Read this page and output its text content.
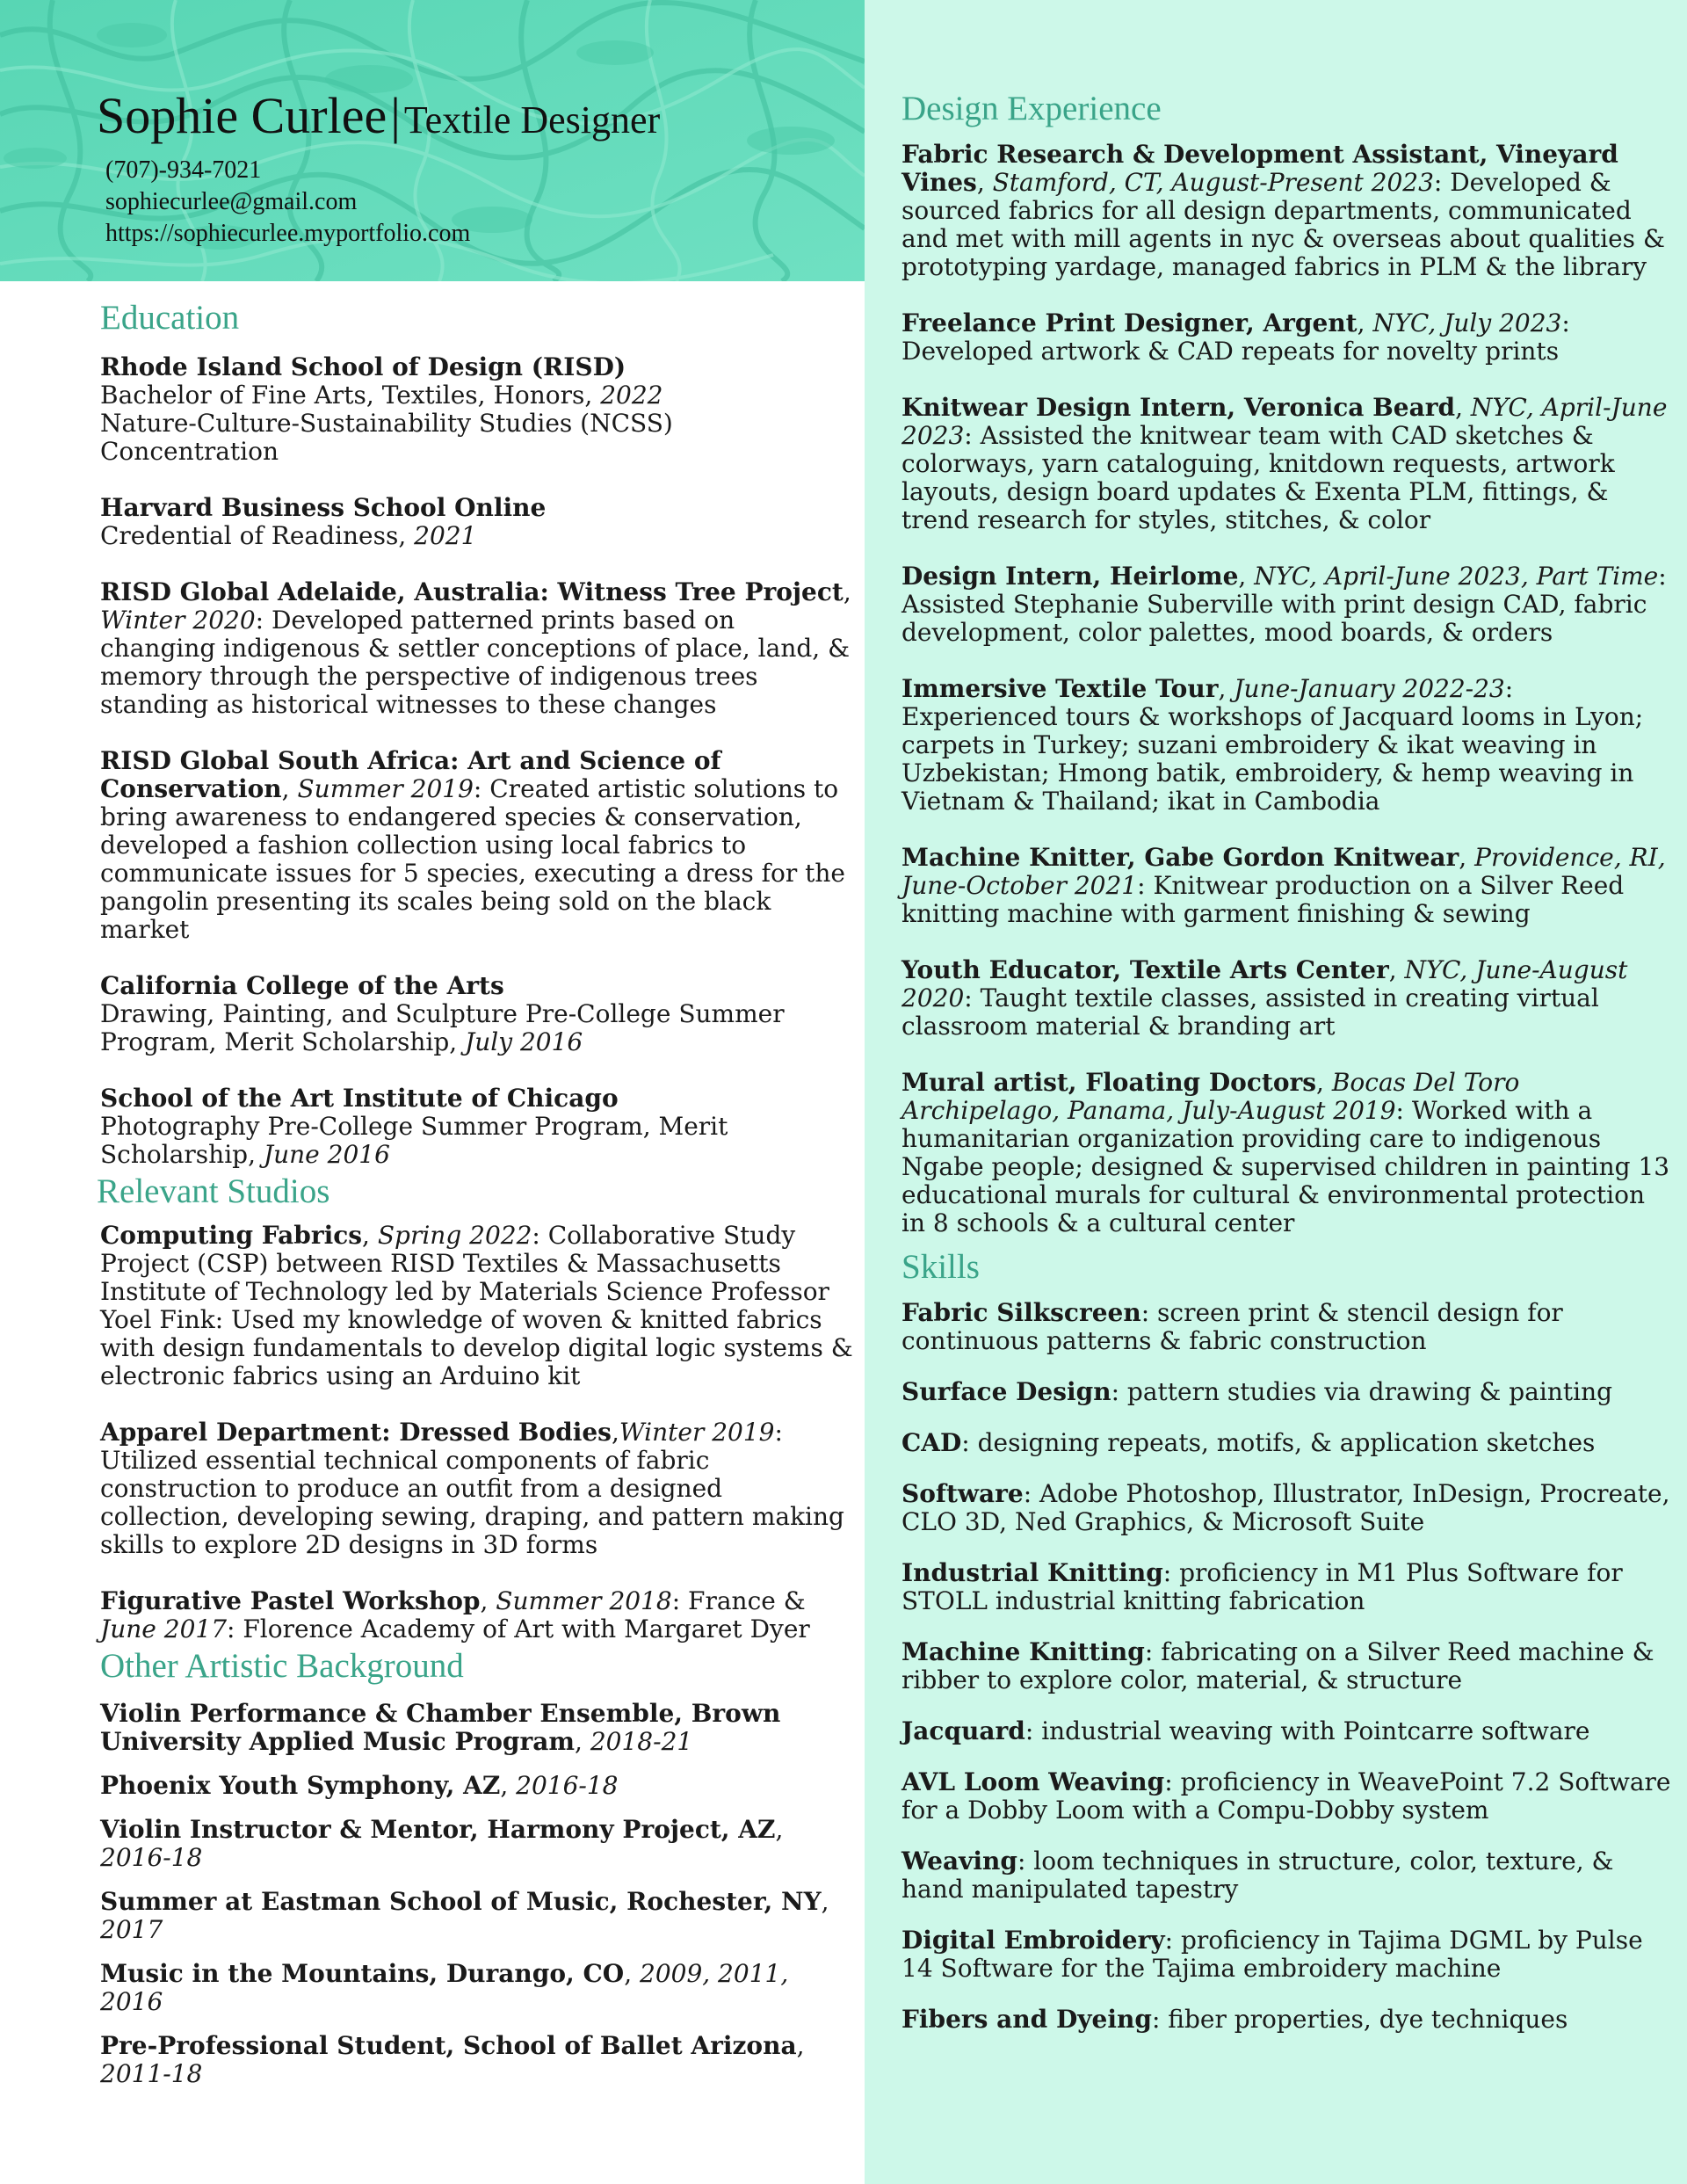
Sophie Curlee | Textile Designer
(707)-934-7021
sophiecurlee@gmail.com
https://sophiecurlee.myportfolio.com
Education
Rhode Island School of Design (RISD)
Bachelor of Fine Arts, Textiles, Honors, 2022
Nature-Culture-Sustainability Studies (NCSS) Concentration
Harvard Business School Online
Credential of Readiness, 2021
RISD Global Adelaide, Australia: Witness Tree Project, Winter 2020: Developed patterned prints based on changing indigenous & settler conceptions of place, land, & memory through the perspective of indigenous trees standing as historical witnesses to these changes
RISD Global South Africa: Art and Science of Conservation, Summer 2019: Created artistic solutions to bring awareness to endangered species & conservation, developed a fashion collection using local fabrics to communicate issues for 5 species, executing a dress for the pangolin presenting its scales being sold on the black market
California College of the Arts
Drawing, Painting, and Sculpture Pre-College Summer Program, Merit Scholarship, July 2016
School of the Art Institute of Chicago
Photography Pre-College Summer Program, Merit Scholarship, June 2016
Relevant Studios
Computing Fabrics, Spring 2022: Collaborative Study Project (CSP) between RISD Textiles & Massachusetts Institute of Technology led by Materials Science Professor Yoel Fink: Used my knowledge of woven & knitted fabrics with design fundamentals to develop digital logic systems & electronic fabrics using an Arduino kit
Apparel Department: Dressed Bodies,Winter 2019: Utilized essential technical components of fabric construction to produce an outfit from a designed collection, developing sewing, draping, and pattern making skills to explore 2D designs in 3D forms
Figurative Pastel Workshop, Summer 2018: France & June 2017: Florence Academy of Art with Margaret Dyer
Other Artistic Background
Violin Performance & Chamber Ensemble, Brown University Applied Music Program, 2018-21
Phoenix Youth Symphony, AZ, 2016-18
Violin Instructor & Mentor, Harmony Project, AZ, 2016-18
Summer at Eastman School of Music, Rochester, NY, 2017
Music in the Mountains, Durango, CO, 2009, 2011, 2016
Pre-Professional Student, School of Ballet Arizona, 2011-18
Design Experience
Fabric Research & Development Assistant, Vineyard Vines, Stamford, CT, August-Present 2023: Developed & sourced fabrics for all design departments, communicated and met with mill agents in nyc & overseas about qualities & prototyping yardage, managed fabrics in PLM & the library
Freelance Print Designer, Argent, NYC, July 2023: Developed artwork & CAD repeats for novelty prints
Knitwear Design Intern, Veronica Beard, NYC, April-June 2023: Assisted the knitwear team with CAD sketches & colorways, yarn cataloguing, knitdown requests, artwork layouts, design board updates & Exenta PLM, fittings, & trend research for styles, stitches, & color
Design Intern, Heirlome, NYC, April-June 2023, Part Time: Assisted Stephanie Suberville with print design CAD, fabric development, color palettes, mood boards, & orders
Immersive Textile Tour, June-January 2022-23: Experienced tours & workshops of Jacquard looms in Lyon; carpets in Turkey; suzani embroidery & ikat weaving in Uzbekistan; Hmong batik, embroidery, & hemp weaving in Vietnam & Thailand; ikat in Cambodia
Machine Knitter, Gabe Gordon Knitwear, Providence, RI, June-October 2021: Knitwear production on a Silver Reed knitting machine with garment finishing & sewing
Youth Educator, Textile Arts Center, NYC, June-August 2020: Taught textile classes, assisted in creating virtual classroom material & branding art
Mural artist, Floating Doctors, Bocas Del Toro Archipelago, Panama, July-August 2019: Worked with a humanitarian organization providing care to indigenous Ngabe people; designed & supervised children in painting 13 educational murals for cultural & environmental protection in 8 schools & a cultural center
Skills
Fabric Silkscreen: screen print & stencil design for continuous patterns & fabric construction
Surface Design: pattern studies via drawing & painting
CAD: designing repeats, motifs, & application sketches
Software: Adobe Photoshop, Illustrator, InDesign, Procreate, CLO 3D, Ned Graphics, & Microsoft Suite
Industrial Knitting: proficiency in M1 Plus Software for STOLL industrial knitting fabrication
Machine Knitting: fabricating on a Silver Reed machine & ribber to explore color, material, & structure
Jacquard: industrial weaving with Pointcarre software
AVL Loom Weaving: proficiency in WeavePoint 7.2 Software for a Dobby Loom with a Compu-Dobby system
Weaving: loom techniques in structure, color, texture, & hand manipulated tapestry
Digital Embroidery: proficiency in Tajima DGML by Pulse 14 Software for the Tajima embroidery machine
Fibers and Dyeing: fiber properties, dye techniques
